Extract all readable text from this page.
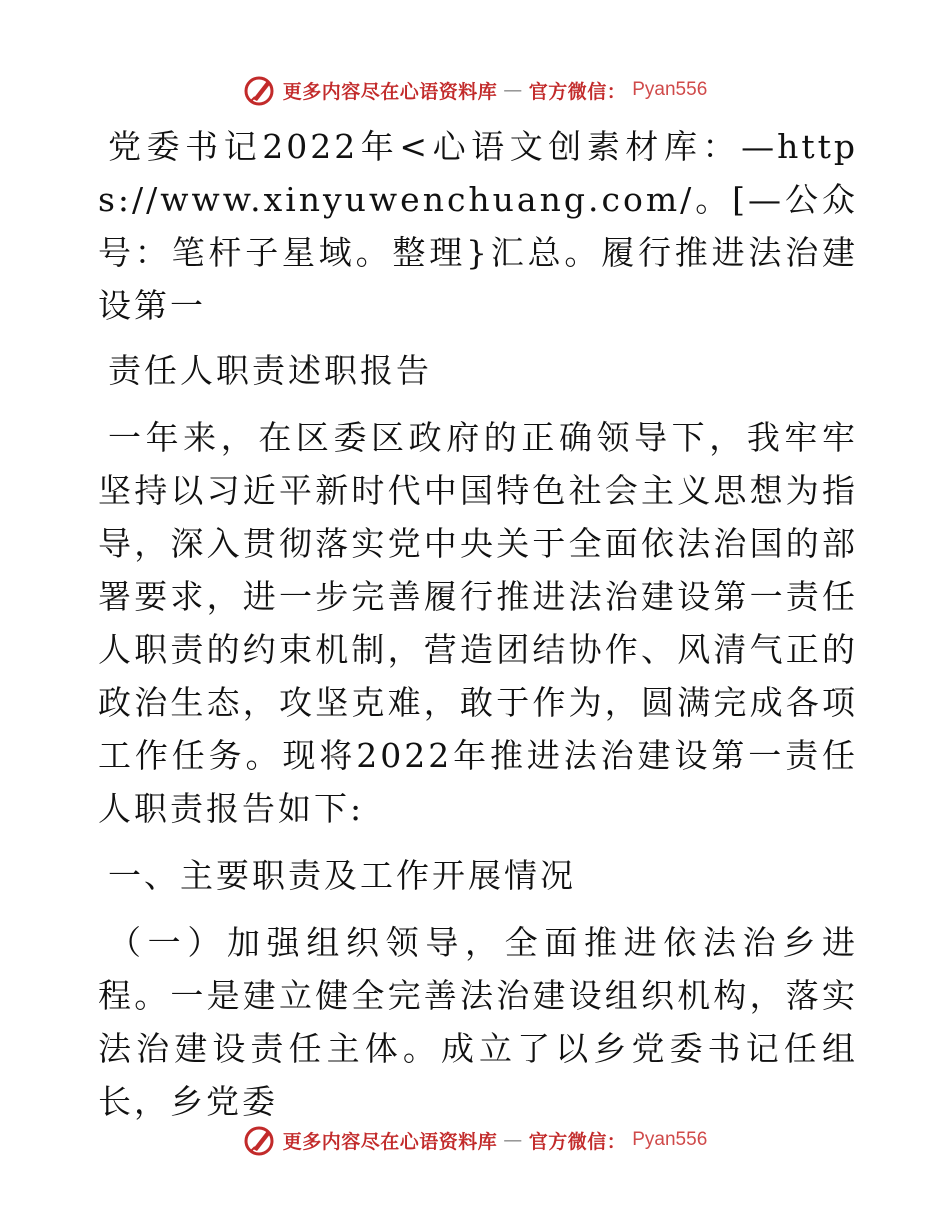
更多内容尽在心语资料库 — 官方微信： Pyan556

党委书记2022年<心语文创素材库：—https://www.xinyuwenchuang.com/。[—公众号：笔杆子星域。整理}汇总。履行推进法治建设第一

责任人职责述职报告

一年来，在区委区政府的正确领导下，我牢牢坚持以习近平新时代中国特色社会主义思想为指导，深入贯彻落实党中央关于全面依法治国的部署要求，进一步完善履行推进法治建设第一责任人职责的约束机制，营造团结协作、风清气正的政治生态，攻坚克难，敢于作为，圆满完成各项工作任务。现将2022年推进法治建设第一责任人职责报告如下:

一、主要职责及工作开展情况

（一）加强组织领导，全面推进依法治乡进程。一是建立健全完善法治建设组织机构，落实法治建设责任主体。成立了以乡党委书记任组长，乡党委

更多内容尽在心语资料库 — 官方微信： Pyan556
